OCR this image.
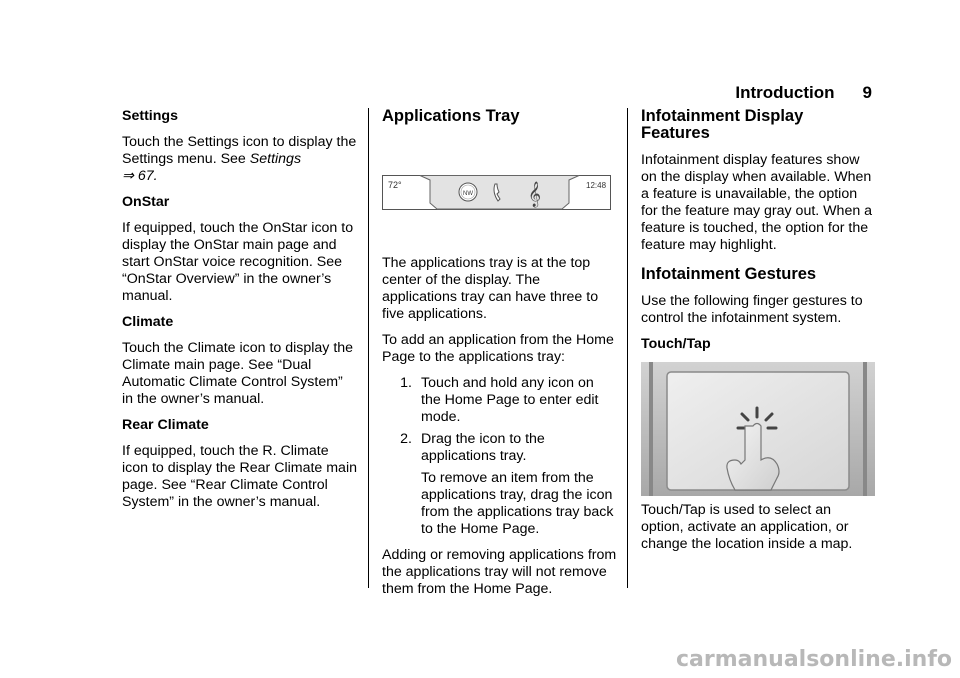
Introduction 9

Settings

Touch the Settings icon to display the Settings menu. See Settings
⇒ 67.

OnStar

If equipped, touch the OnStar icon to display the OnStar main page and start OnStar voice recognition. See “OnStar Overview” in the owner’s manual.

Climate

Touch the Climate icon to display the Climate main page. See “Dual Automatic Climate Control System” in the owner’s manual.

Rear Climate

If equipped, touch the R. Climate icon to display the Rear Climate main page. See “Rear Climate Control System” in the owner’s manual.

Applications Tray
72°	12:48
NW	𝄞

The applications tray is at the top center of the display. The applications tray can have three to five applications.

To add an application from the Home Page to the applications tray:

1. Touch and hold any icon on the Home Page to enter edit mode.
2. Drag the icon to the applications tray.
To remove an item from the applications tray, drag the icon from the applications tray back to the Home Page.

Adding or removing applications from the applications tray will not remove them from the Home Page.

Infotainment Display Features

Infotainment display features show on the display when available. When a feature is unavailable, the option for the feature may gray out. When a feature is touched, the option for the feature may highlight.

Infotainment Gestures

Use the following finger gestures to control the infotainment system.

Touch/Tap

Touch/Tap is used to select an option, activate an application, or change the location inside a map.

carmanualsonline.info
